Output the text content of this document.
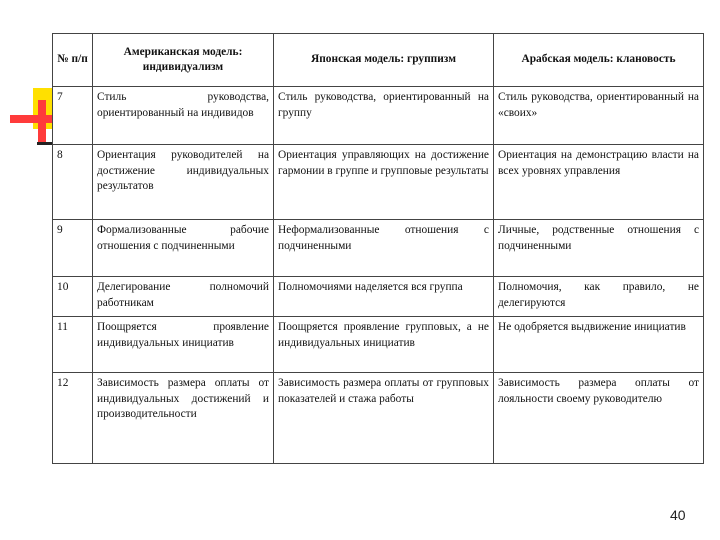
№ п/п	Американская модель: индивидуализм	Японская модель: группизм	Арабская модель: клановость
7	Стиль руководства, ориентированный на индивидов	Стиль руководства, ориентированный на группу	Стиль руководства, ориентированный на «своих»
8	Ориентация руководителей на достижение индивидуальных результатов	Ориентация управляющих на достижение гармонии в группе и групповые результаты	Ориентация на демонстрацию власти на всех уровнях управления
9	Формализованные рабочие отношения с подчиненными	Неформализованные отношения с подчиненными	Личные, родственные отношения с подчиненными
10	Делегирование полномочий работникам	Полномочиями наделяется вся группа	Полномочия, как правило, не делегируются
11	Поощряется проявление индивидуальных инициатив	Поощряется проявление групповых, а не индивидуальных инициатив	Не одобряется выдвижение инициатив
12	Зависимость размера оплаты от индивидуальных достижений и производительности	Зависимость размера оплаты от групповых показателей и стажа работы	Зависимость размера оплаты от лояльности своему руководителю
40
